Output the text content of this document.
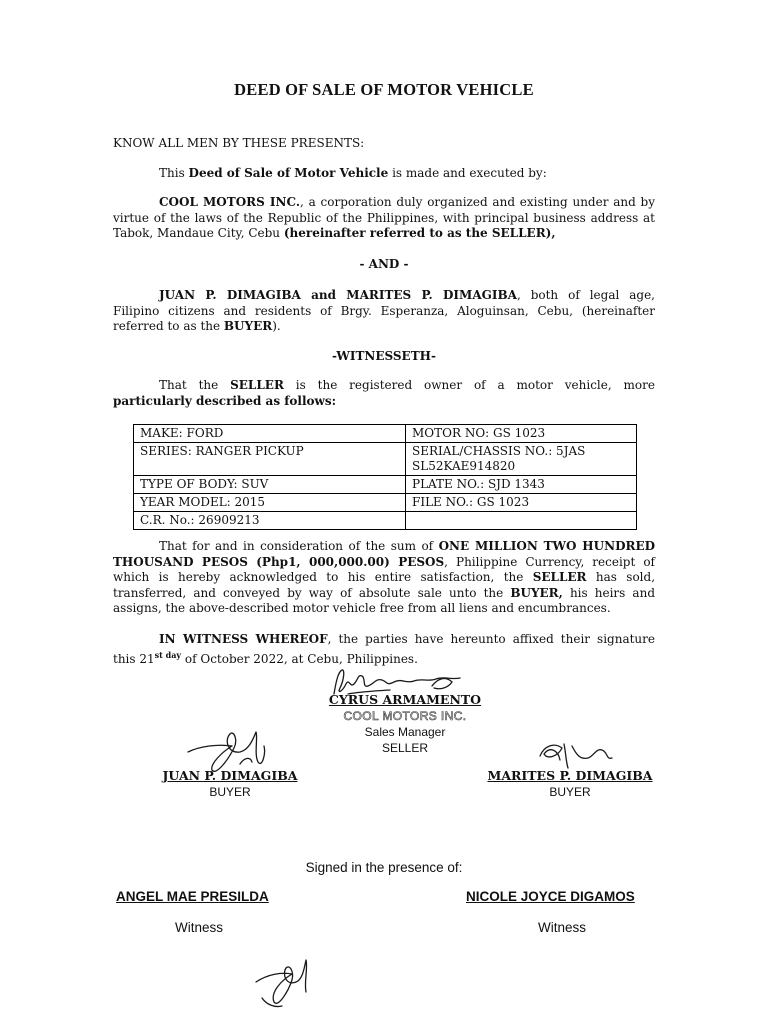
DEED OF SALE OF MOTOR VEHICLE
KNOW ALL MEN BY THESE PRESENTS:
This Deed of Sale of Motor Vehicle is made and executed by:
COOL MOTORS INC., a corporation duly organized and existing under and by
virtue of the laws of the Republic of the Philippines, with principal business address at
Tabok, Mandaue City, Cebu (hereinafter referred to as the SELLER),
- AND -
JUAN P. DIMAGIBA and MARITES P. DIMAGIBA, both of legal age,
Filipino citizens and residents of Brgy. Esperanza, Aloguinsan, Cebu, (hereinafter
referred to as the BUYER).
-WITNESSETH-
That the SELLER is the registered owner of a motor vehicle, more
particularly described as follows:
MAKE: FORD	MOTOR NO: GS 1023
SERIES: RANGER PICKUP	SERIAL/CHASSIS NO.: 5JAS
SL52KAE914820

TYPE OF BODY: SUV	PLATE NO.: SJD 1343
YEAR MODEL: 2015	FILE NO.: GS 1023
C.R. No.: 26909213	
That for and in consideration of the sum of ONE MILLION TWO HUNDRED
THOUSAND PESOS (Php1, 000,000.00) PESOS, Philippine Currency, receipt of
which is hereby acknowledged to his entire satisfaction, the SELLER has sold,
transferred, and conveyed by way of absolute sale unto the BUYER, his heirs and
assigns, the above-described motor vehicle free from all liens and encumbrances.
IN WITNESS WHEREOF, the parties have hereunto affixed their signature
this $21^{st day}$ of October 2022, at Cebu, Philippines.
CYRUS ARMAMENTO
COOL MOTORS INC.
Sales Manager
SELLER
JUAN P. DIMAGIBA
BUYER
MARITES P. DIMAGIBA
BUYER
Signed in the presence of:
ANGEL MAE PRESILDA	NICOLE JOYCE DIGAMOS
Witness	Witness
